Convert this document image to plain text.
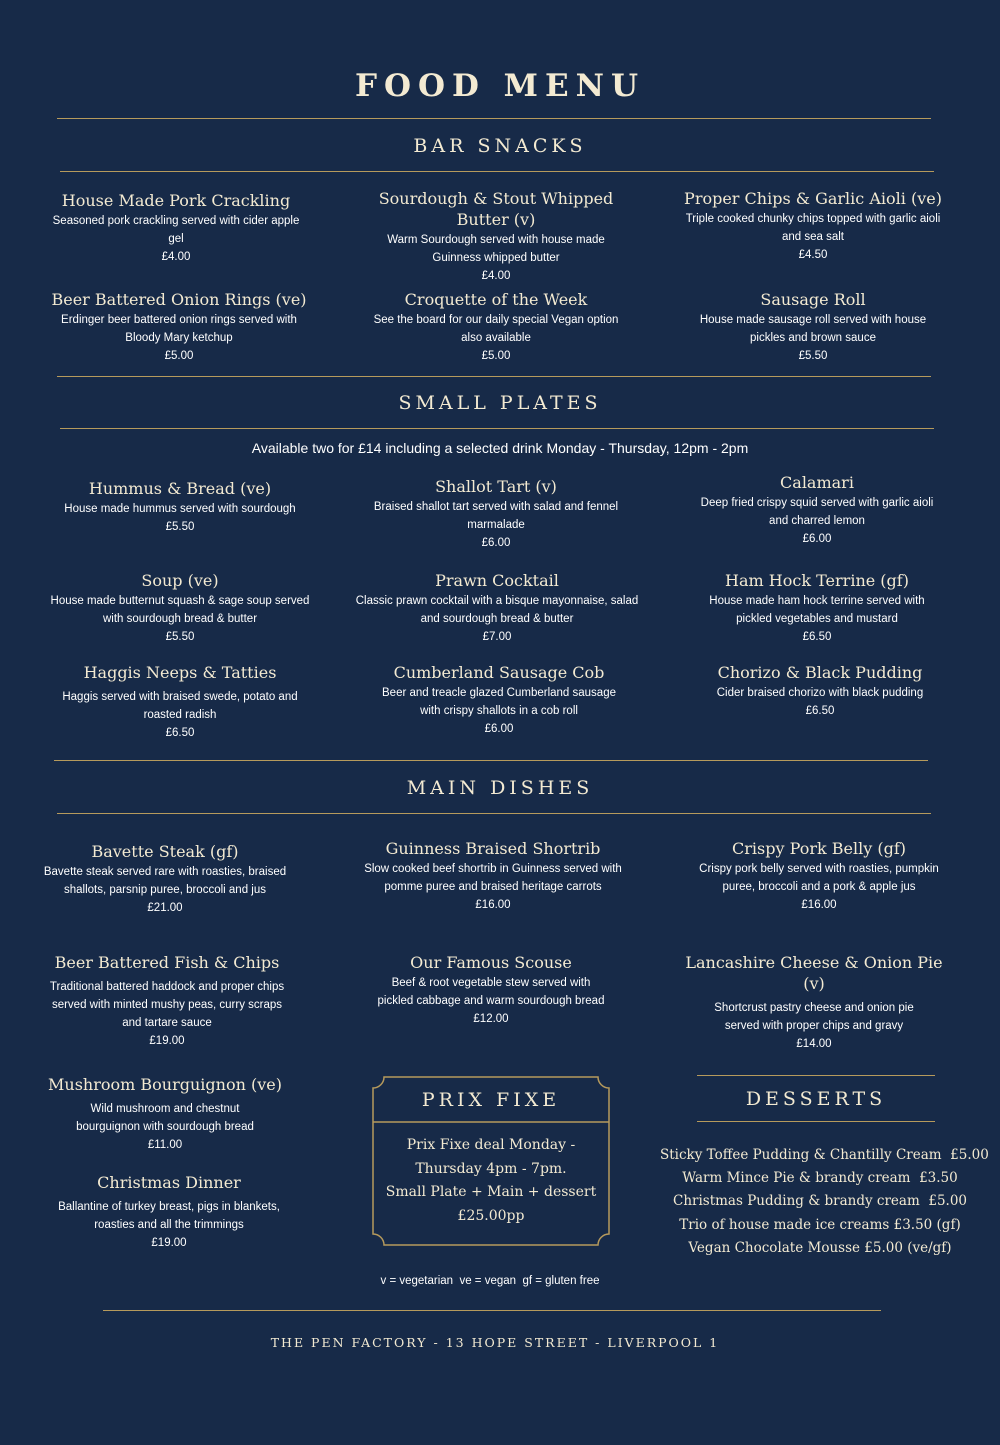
FOOD MENU
BAR SNACKS
House Made Pork Crackling
Seasoned pork crackling served with cider apple gel
£4.00
Sourdough & Stout Whipped Butter (v)
Warm Sourdough served with house made Guinness whipped butter
£4.00
Proper Chips & Garlic Aioli (ve)
Triple cooked chunky chips topped with garlic aioli and sea salt
£4.50
Beer Battered Onion Rings (ve)
Erdinger beer battered onion rings served with Bloody Mary ketchup
£5.00
Croquette of the Week
See the board for our daily special Vegan option also available
£5.00
Sausage Roll
House made sausage roll served with house pickles and brown sauce
£5.50
SMALL PLATES
Available two for £14 including a selected drink Monday - Thursday, 12pm - 2pm
Hummus & Bread (ve)
House made hummus served with sourdough
£5.50
Shallot Tart (v)
Braised shallot tart served with salad and fennel marmalade
£6.00
Calamari
Deep fried crispy squid served with garlic aioli and charred lemon
£6.00
Soup (ve)
House made butternut squash & sage soup served with sourdough bread & butter
£5.50
Prawn Cocktail
Classic prawn cocktail with a bisque mayonnaise, salad and sourdough bread & butter
£7.00
Ham Hock Terrine (gf)
House made ham hock terrine served with pickled vegetables and mustard
£6.50
Haggis Neeps & Tatties
Haggis served with braised swede, potato and roasted radish
£6.50
Cumberland Sausage Cob
Beer and treacle glazed Cumberland sausage with crispy shallots in a cob roll
£6.00
Chorizo & Black Pudding
Cider braised chorizo with black pudding
£6.50
MAIN DISHES
Bavette Steak (gf)
Bavette steak served rare with roasties, braised shallots, parsnip puree, broccoli and jus
£21.00
Guinness Braised Shortrib
Slow cooked beef shortrib in Guinness served with pomme puree and braised heritage carrots
£16.00
Crispy Pork Belly (gf)
Crispy pork belly served with roasties, pumpkin puree, broccoli and a pork & apple jus
£16.00
Beer Battered Fish & Chips
Traditional battered haddock and proper chips served with minted mushy peas, curry scraps and tartare sauce
£19.00
Our Famous Scouse
Beef & root vegetable stew served with pickled cabbage and warm sourdough bread
£12.00
Lancashire Cheese & Onion Pie (v)
Shortcrust pastry cheese and onion pie served with proper chips and gravy
£14.00
Mushroom Bourguignon (ve)
Wild mushroom and chestnut bourguignon with sourdough bread
£11.00
Christmas Dinner
Ballantine of turkey breast, pigs in blankets, roasties and all the trimmings
£19.00
PRIX FIXE
Prix Fixe deal Monday -
Thursday 4pm - 7pm.
Small Plate + Main + dessert
£25.00pp
DESSERTS
Sticky Toffee Pudding & Chantilly Cream  £5.00
Warm Mince Pie & brandy cream  £3.50
Christmas Pudding & brandy cream  £5.00
Trio of house made ice creams £3.50 (gf)
Vegan Chocolate Mousse £5.00 (ve/gf)
v = vegetarian  ve = vegan  gf = gluten free
THE PEN FACTORY - 13 HOPE STREET - LIVERPOOL 1
